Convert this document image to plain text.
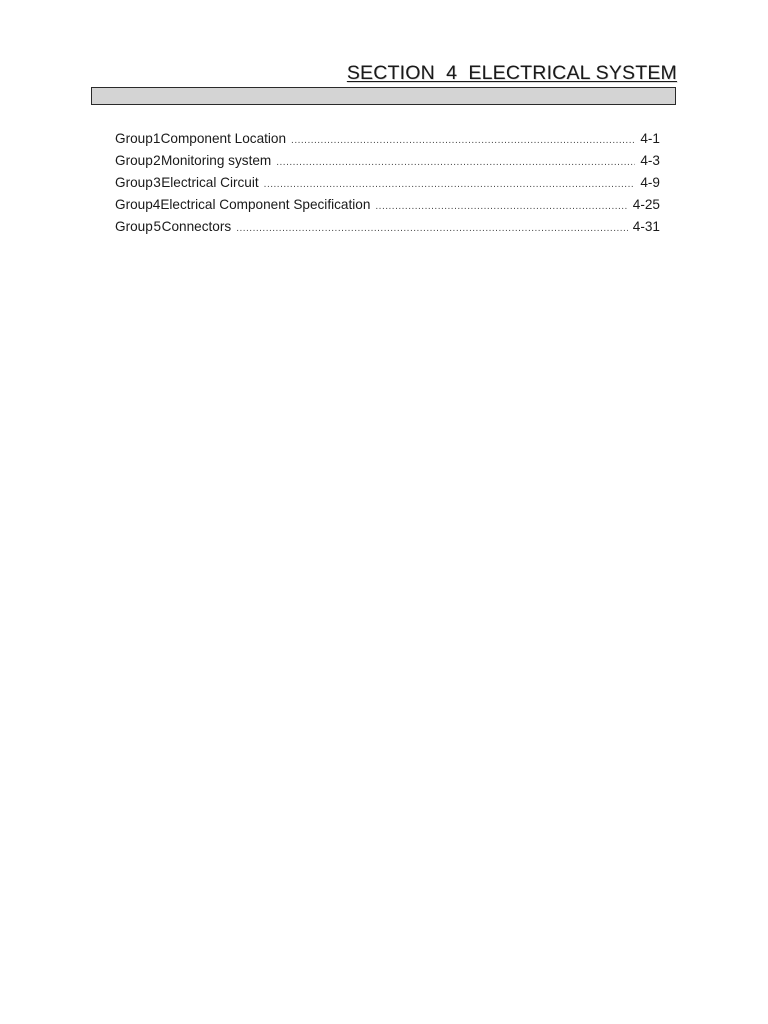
SECTION  4  ELECTRICAL SYSTEM
Group 1 Component Location .....	4-1
Group 2 Monitoring system .....	4-3
Group 3 Electrical Circuit .....	4-9
Group 4 Electrical Component Specification .....	4-25
Group 5 Connectors .....	4-31
